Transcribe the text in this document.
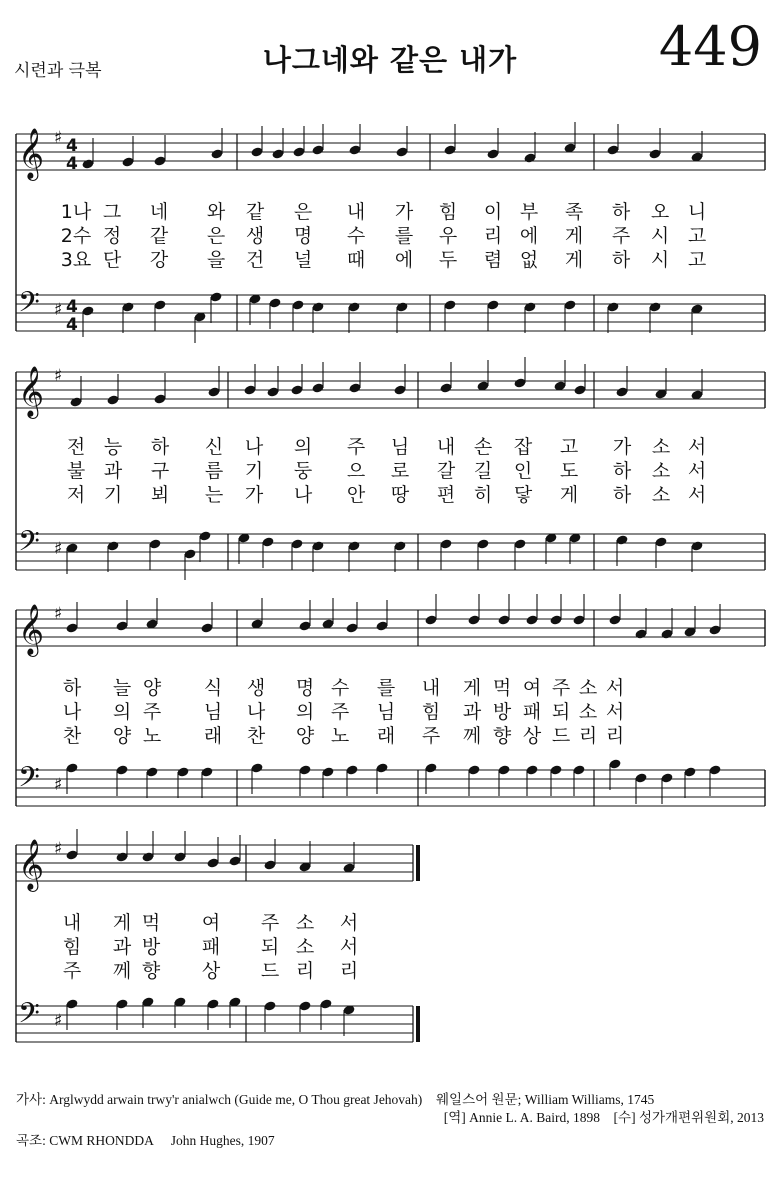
시련과 극복	나그네와 같은 내가	449
𝄞 ♯ 4
4
𝄢 ♯ 4
4
𝄞 ♯
𝄢 ♯
𝄞 ♯
𝄢 ♯
𝄞 ♯
𝄢 ♯
1나 그 네 와 같 은 내 가 힘 이 부 족 하 오 니
2수 정 같 은 생 명 수 를 우 리 에 게 주 시 고
3요 단 강 을 건 널 때 에 두 렴 없 게 하 시 고
전 능 하 신 나 의 주 님 내 손 잡 고 가 소 서
불 과 구 름 기 둥 으 로 갈 길 인 도 하 소 서
저 기 뵈 는 가 나 안 땅 편 히 닿 게 하 소 서
하 늘 양 식 생 명 수 를 내 게 먹 여 주 소 서
나 의 주 님 나 의 주 님 힘 과 방 패 되 소 서
찬 양 노 래 찬 양 노 래 주 께 향 상 드 리 리
내 게 먹 여 주 소 서
힘 과 방 패 되 소 서
주 께 향 상 드 리 리
가사: Arglwydd arwain trwy'r anialwch (Guide me, O Thou great Jehovah) 웨일스어 원문; William Williams, 1745
[역] Annie L. A. Baird, 1898 [수] 성가개편위원회, 2013
곡조: CWM RHONDDA John Hughes, 1907
